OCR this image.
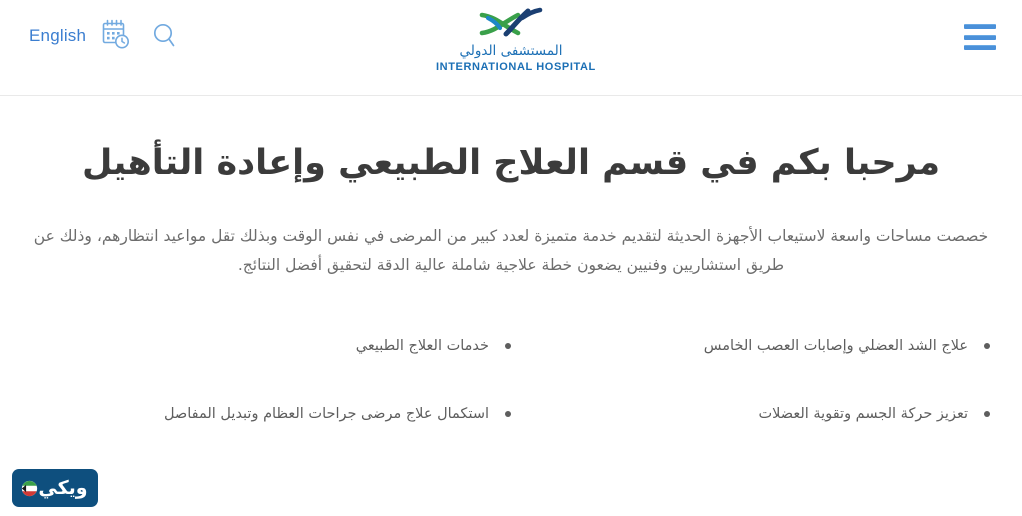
English
المستشفى الدولي
INTERNATIONAL HOSPITAL
مرحبا بكم في قسم العلاج الطبيعي وإعادة التأهيل

خصصت مساحات واسعة لاستيعاب الأجهزة الحديثة لتقديم خدمة متميزة لعدد كبير من المرضى في نفس الوقت وبذلك تقل مواعيد انتظارهم، وذلك عن طريق استشاريين وفنيين يضعون خطة علاجية شاملة عالية الدقة لتحقيق أفضل النتائج.

علاج الشد العضلي وإصابات العصب الخامس
تعزيز حركة الجسم وتقوية العضلات
خدمات العلاج الطبيعي
استكمال علاج مرضى جراحات العظام وتبديل المفاصل
ويكي
